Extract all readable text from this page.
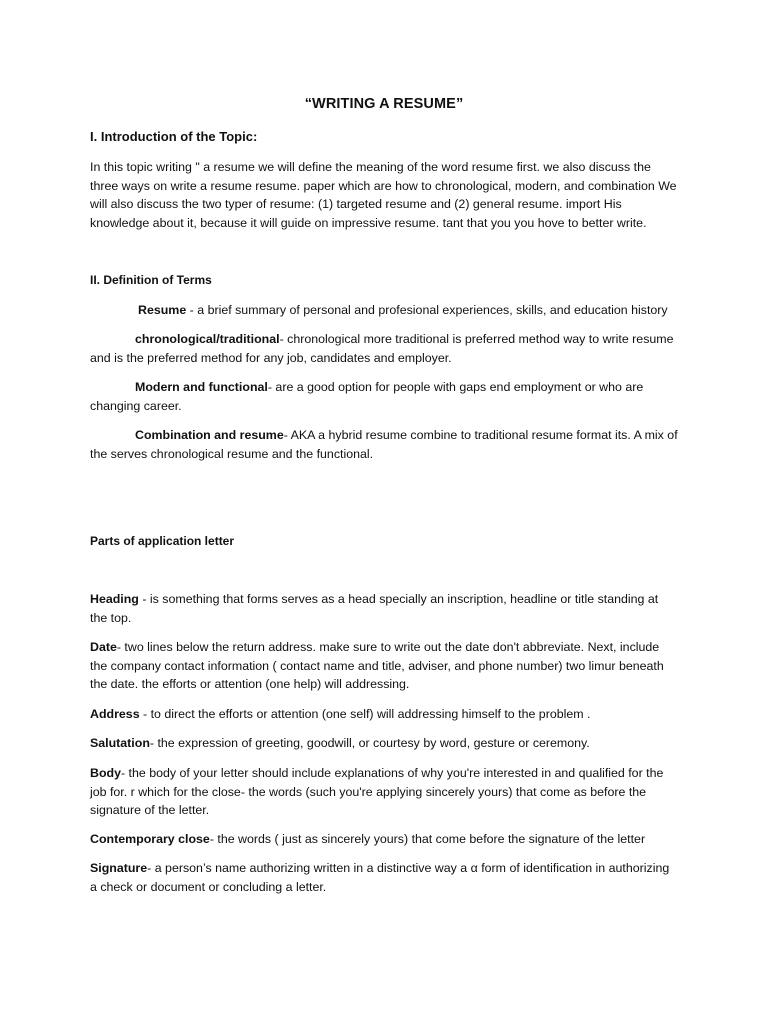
“WRITING A RESUME”
I. Introduction of the Topic:

In this topic writing " a resume we will define the meaning of the word resume first. we also discuss the three ways on write a resume resume. paper which are how to chronological, modern, and combination We will also discuss the two typer of resume: (1) targeted resume and (2) general resume. import His knowledge about it, because it will guide on impressive resume. tant that you you hove to better write.

II. Definition of Terms

Resume - a brief summary of personal and profesional experiences, skills, and education history

chronological/traditional- chronological more traditional is preferred method way to write resume and is the preferred method for any job, candidates and employer.

Modern and functional- are a good option for people with gaps end employment or who are changing career.

Combination and resume- AKA a hybrid resume combine to traditional resume format its. A mix of the serves chronological resume and the functional.

Parts of application letter

Heading - is something that forms serves as a head specially an inscription, headline or title standing at the top.

Date- two lines below the return address. make sure to write out the date don't abbreviate. Next, include the company contact information ( contact name and title, adviser, and phone number) two limur beneath the date. the efforts or attention (one help) will addressing.

Address - to direct the efforts or attention (one self) will addressing himself to the problem .

Salutation- the expression of greeting, goodwill, or courtesy by word, gesture or ceremony.

Body- the body of your letter should include explanations of why you're interested in and qualified for the job for. r which for the close- the words (such you're applying sincerely yours) that come as before the signature of the letter.

Contemporary close- the words ( just as sincerely yours) that come before the signature of the letter

Signature- a person’s name authorizing written in a distinctive way a α form of identification in authorizing a check or document or concluding a letter.
